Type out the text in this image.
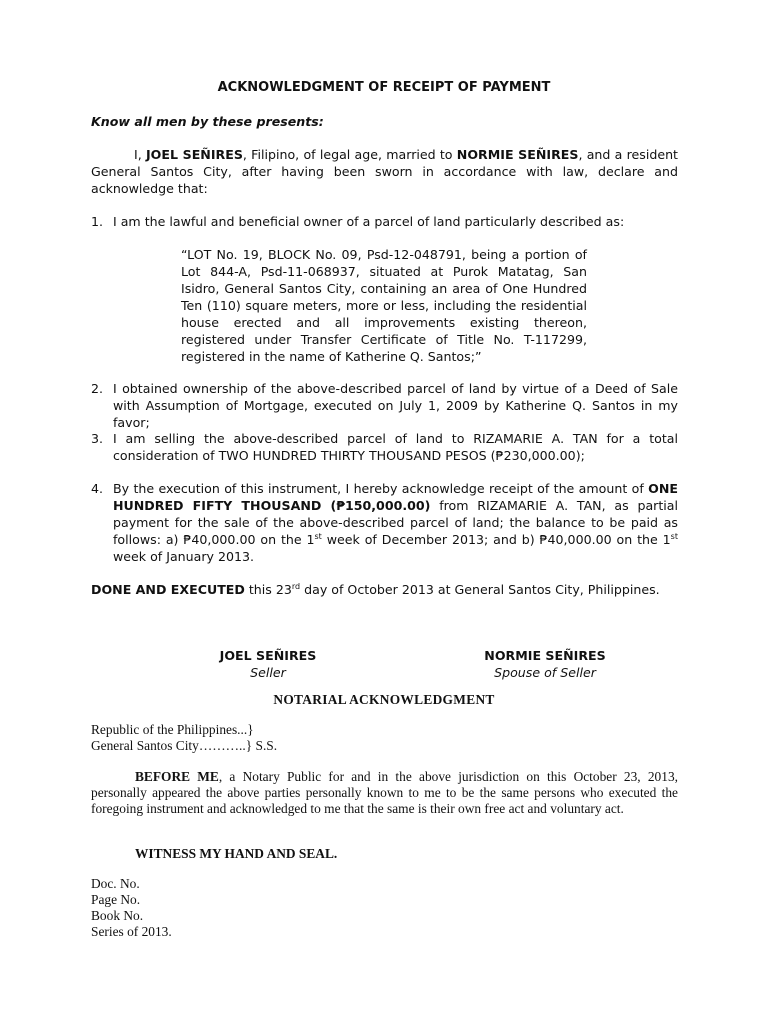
ACKNOWLEDGMENT OF RECEIPT OF PAYMENT
Know all men by these presents:
I, JOEL SEÑIRES, Filipino, of legal age, married to NORMIE SEÑIRES, and a resident General Santos City, after having been sworn in accordance with law, declare and acknowledge that:
1. I am the lawful and beneficial owner of a parcel of land particularly described as:
“LOT No. 19, BLOCK No. 09, Psd-12-048791, being a portion of Lot 844-A, Psd-11-068937, situated at Purok Matatag, San Isidro, General Santos City, containing an area of One Hundred Ten (110) square meters, more or less, including the residential house erected and all improvements existing thereon, registered under Transfer Certificate of Title No. T-117299, registered in the name of Katherine Q. Santos;”
2. I obtained ownership of the above-described parcel of land by virtue of a Deed of Sale with Assumption of Mortgage, executed on July 1, 2009 by Katherine Q. Santos in my favor;
3. I am selling the above-described parcel of land to RIZAMARIE A. TAN for a total consideration of TWO HUNDRED THIRTY THOUSAND PESOS (₱230,000.00);
4. By the execution of this instrument, I hereby acknowledge receipt of the amount of ONE HUNDRED FIFTY THOUSAND (₱150,000.00) from RIZAMARIE A. TAN, as partial payment for the sale of the above-described parcel of land; the balance to be paid as follows: a) ₱40,000.00 on the 1st week of December 2013; and b) ₱40,000.00 on the 1st week of January 2013.
DONE AND EXECUTED this 23rd day of October 2013 at General Santos City, Philippines.
JOEL SEÑIRES
Seller
NORMIE SEÑIRES
Spouse of Seller
NOTARIAL ACKNOWLEDGMENT
Republic of the Philippines...}
General Santos City………..} S.S.
BEFORE ME, a Notary Public for and in the above jurisdiction on this October 23, 2013, personally appeared the above parties personally known to me to be the same persons who executed the foregoing instrument and acknowledged to me that the same is their own free act and voluntary act.
WITNESS MY HAND AND SEAL.
Doc. No.
Page No.
Book No.
Series of 2013.
